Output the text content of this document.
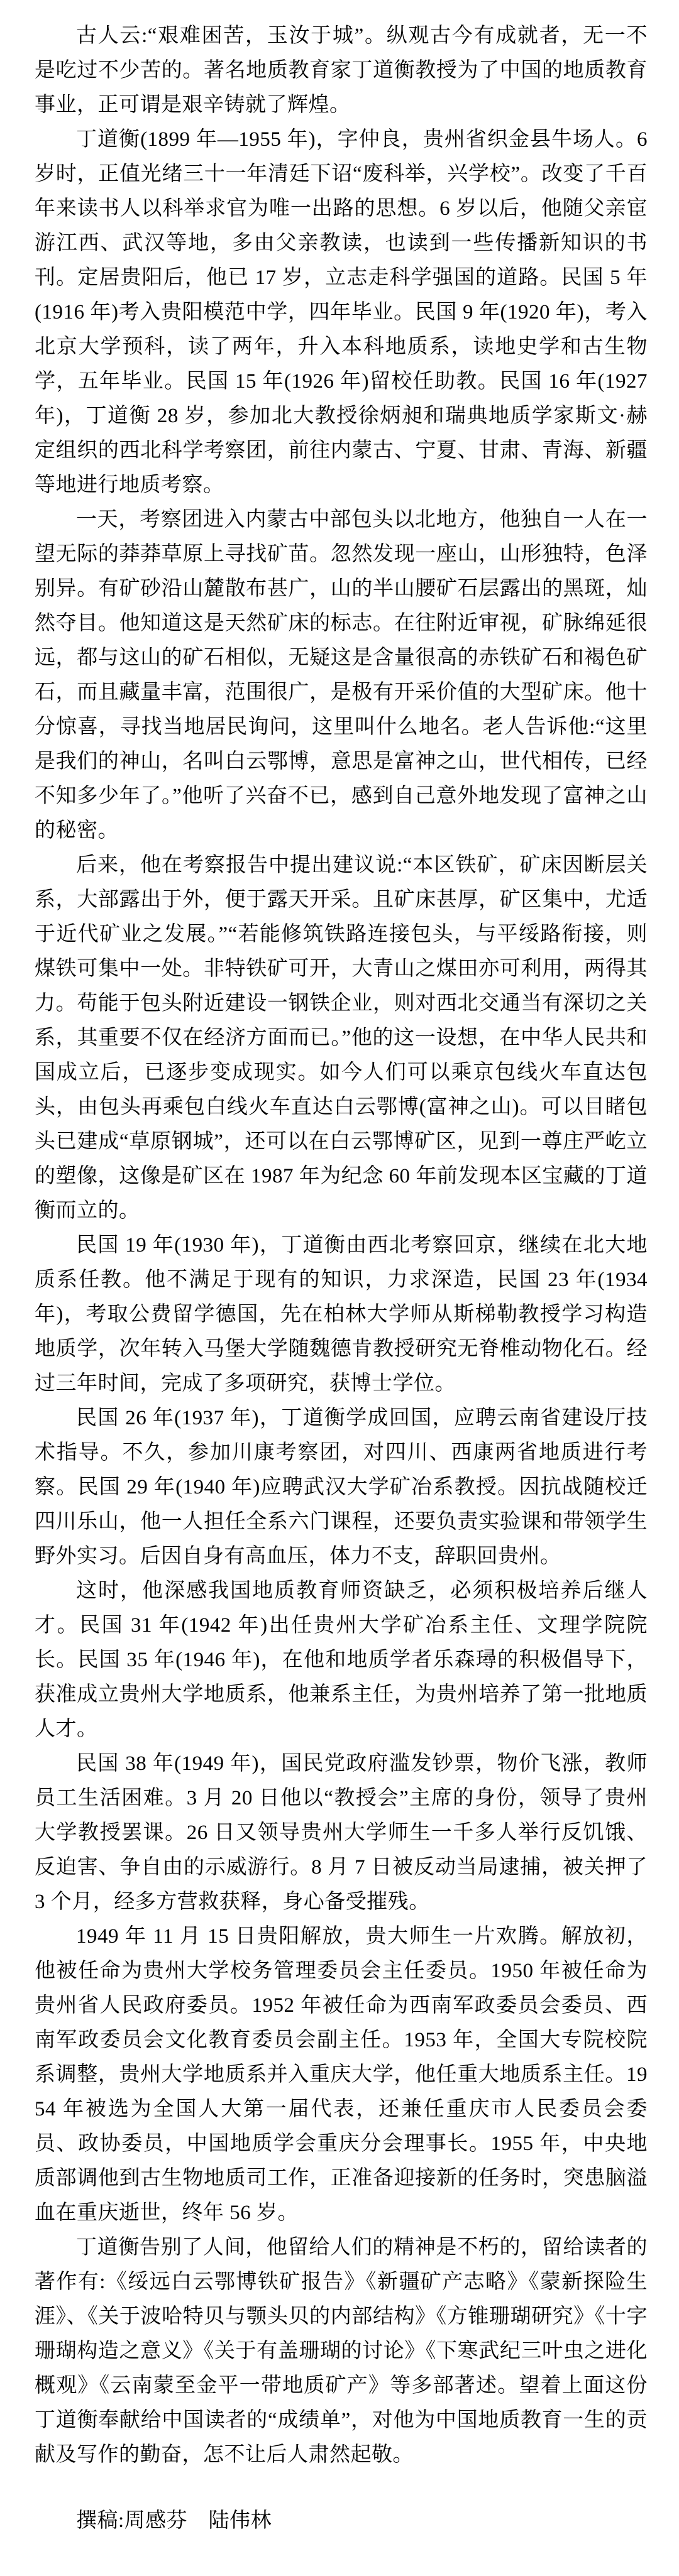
古人云:“艰难困苦，玉汝于城”。纵观古今有成就者，无一不是吃过不少苦的。著名地质教育家丁道衡教授为了中国的地质教育事业，正可谓是艰辛铸就了辉煌。

丁道衡(1899 年—1955 年)，字仲良，贵州省织金县牛场人。6 岁时，正值光绪三十一年清廷下诏“废科举，兴学校”。改变了千百年来读书人以科举求官为唯一出路的思想。6 岁以后，他随父亲宦游江西、武汉等地，多由父亲教读，也读到一些传播新知识的书刊。定居贵阳后，他已 17 岁，立志走科学强国的道路。民国 5 年(1916 年)考入贵阳模范中学，四年毕业。民国 9 年(1920 年)，考入北京大学预科，读了两年，升入本科地质系，读地史学和古生物学，五年毕业。民国 15 年(1926 年)留校任助教。民国 16 年(1927 年)，丁道衡 28 岁，参加北大教授徐炳昶和瑞典地质学家斯文·赫定组织的西北科学考察团，前往内蒙古、宁夏、甘肃、青海、新疆等地进行地质考察。

一天，考察团进入内蒙古中部包头以北地方，他独自一人在一望无际的莽莽草原上寻找矿苗。忽然发现一座山，山形独特，色泽别异。有矿砂沿山麓散布甚广，山的半山腰矿石层露出的黑斑，灿然夺目。他知道这是天然矿床的标志。在往附近审视，矿脉绵延很远，都与这山的矿石相似，无疑这是含量很高的赤铁矿石和褐色矿石，而且藏量丰富，范围很广，是极有开采价值的大型矿床。他十分惊喜，寻找当地居民询问，这里叫什么地名。老人告诉他:“这里是我们的神山，名叫白云鄂博，意思是富神之山，世代相传，已经不知多少年了。”他听了兴奋不已，感到自己意外地发现了富神之山的秘密。

后来，他在考察报告中提出建议说:“本区铁矿，矿床因断层关系，大部露出于外，便于露天开采。且矿床甚厚，矿区集中，尤适于近代矿业之发展。”“若能修筑铁路连接包头，与平绥路衔接，则煤铁可集中一处。非特铁矿可开，大青山之煤田亦可利用，两得其力。苟能于包头附近建设一钢铁企业，则对西北交通当有深切之关系，其重要不仅在经济方面而已。”他的这一设想，在中华人民共和国成立后，已逐步变成现实。如今人们可以乘京包线火车直达包头，由包头再乘包白线火车直达白云鄂博(富神之山)。可以目睹包头已建成“草原钢城”，还可以在白云鄂博矿区，见到一尊庄严屹立的塑像，这像是矿区在 1987 年为纪念 60 年前发现本区宝藏的丁道衡而立的。

民国 19 年(1930 年)，丁道衡由西北考察回京，继续在北大地质系任教。他不满足于现有的知识，力求深造，民国 23 年(1934 年)，考取公费留学德国，先在柏林大学师从斯梯勒教授学习构造地质学，次年转入马堡大学随魏德肯教授研究无脊椎动物化石。经过三年时间，完成了多项研究，获博士学位。

民国 26 年(1937 年)，丁道衡学成回国，应聘云南省建设厅技术指导。不久，参加川康考察团，对四川、西康两省地质进行考察。民国 29 年(1940 年)应聘武汉大学矿冶系教授。因抗战随校迁四川乐山，他一人担任全系六门课程，还要负责实验课和带领学生野外实习。后因自身有高血压，体力不支，辞职回贵州。

这时，他深感我国地质教育师资缺乏，必须积极培养后继人才。民国 31 年(1942 年)出任贵州大学矿冶系主任、文理学院院长。民国 35 年(1946 年)，在他和地质学者乐森璕的积极倡导下，获准成立贵州大学地质系，他兼系主任，为贵州培养了第一批地质人才。

民国 38 年(1949 年)，国民党政府滥发钞票，物价飞涨，教师员工生活困难。3 月 20 日他以“教授会”主席的身份，领导了贵州大学教授罢课。26 日又领导贵州大学师生一千多人举行反饥饿、反迫害、争自由的示威游行。8 月 7 日被反动当局逮捕，被关押了 3 个月，经多方营救获释，身心备受摧残。

1949 年 11 月 15 日贵阳解放，贵大师生一片欢腾。解放初，他被任命为贵州大学校务管理委员会主任委员。1950 年被任命为贵州省人民政府委员。1952 年被任命为西南军政委员会委员、西南军政委员会文化教育委员会副主任。1953 年，全国大专院校院系调整，贵州大学地质系并入重庆大学，他任重大地质系主任。1954 年被选为全国人大第一届代表，还兼任重庆市人民委员会委员、政协委员，中国地质学会重庆分会理事长。1955 年，中央地质部调他到古生物地质司工作，正准备迎接新的任务时，突患脑溢血在重庆逝世，终年 56 岁。

丁道衡告别了人间，他留给人们的精神是不朽的，留给读者的著作有:《绥远白云鄂博铁矿报告》《新疆矿产志略》《蒙新探险生涯》、《关于波哈特贝与颚头贝的内部结构》《方锥珊瑚研究》《十字珊瑚构造之意义》《关于有盖珊瑚的讨论》《下寒武纪三叶虫之进化概观》《云南蒙至金平一带地质矿产》等多部著述。望着上面这份丁道衡奉献给中国读者的“成绩单”，对他为中国地质教育一生的贡献及写作的勤奋，怎不让后人肃然起敬。

撰稿:周感芬　陆伟林
